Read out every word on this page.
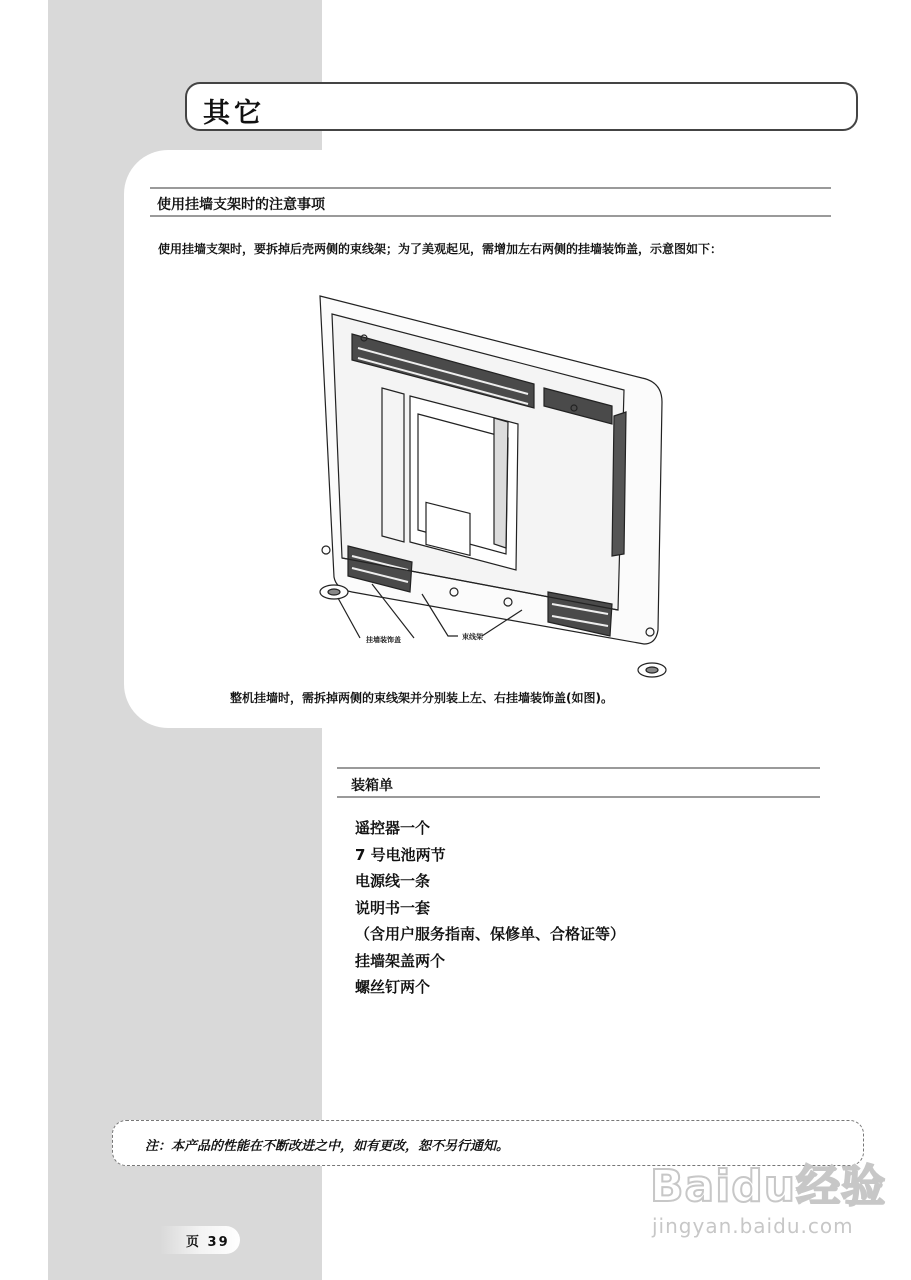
其它
使用挂墙支架时的注意事项
使用挂墙支架时，要拆掉后壳两侧的束线架；为了美观起见，需增加左右两侧的挂墙装饰盖，示意图如下：
挂墙装饰盖	束线架
整机挂墙时，需拆掉两侧的束线架并分别装上左、右挂墙装饰盖(如图)。
装箱单
遥控器一个
7 号电池两节
电源线一条
说明书一套
（含用户服务指南、保修单、合格证等）
挂墙架盖两个
螺丝钉两个
注：本产品的性能在不断改进之中，如有更改，恕不另行通知。
页 39
Baidu经验
jingyan.baidu.com
